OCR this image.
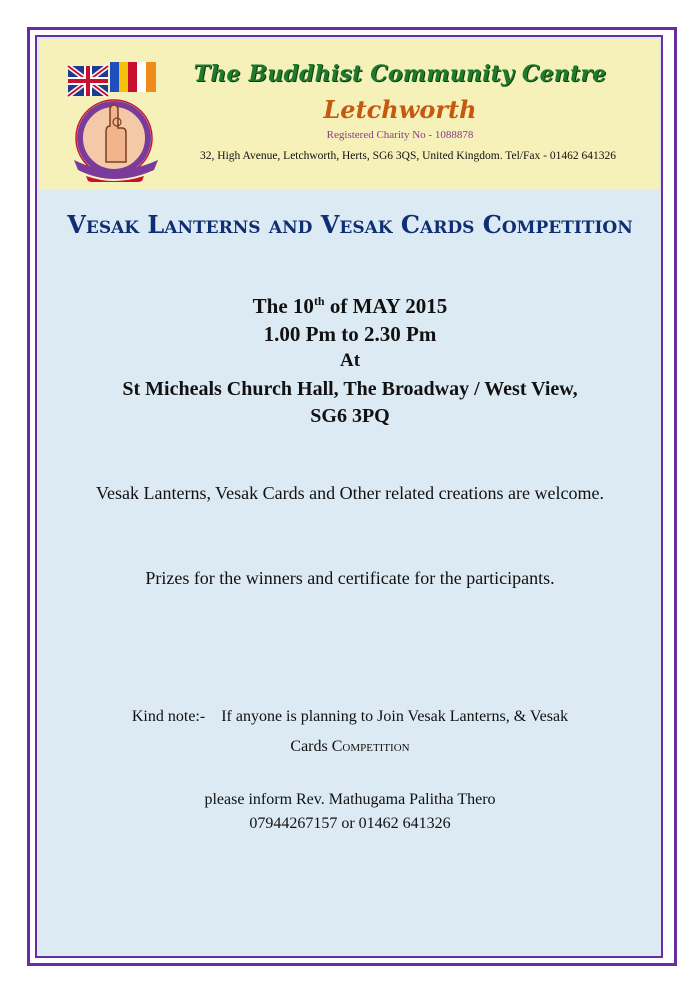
The Buddhist Community Centre
Letchworth
Registered Charity No - 1088878
32, High Avenue, Letchworth, Herts, SG6 3QS, United Kingdom. Tel/Fax - 01462 641326
Vesak Lanterns and Vesak Cards Competition
The 10th of MAY 2015
1.00 Pm to 2.30 Pm
At
St Micheals Church Hall, The Broadway / West View,
SG6 3PQ
Vesak Lanterns, Vesak Cards and Other related creations are welcome.
Prizes for the winners and certificate for the participants.
Kind note:-    If anyone is planning to Join Vesak Lanterns, & Vesak
Cards Competition
please inform Rev. Mathugama Palitha Thero
07944267157 or 01462 641326
